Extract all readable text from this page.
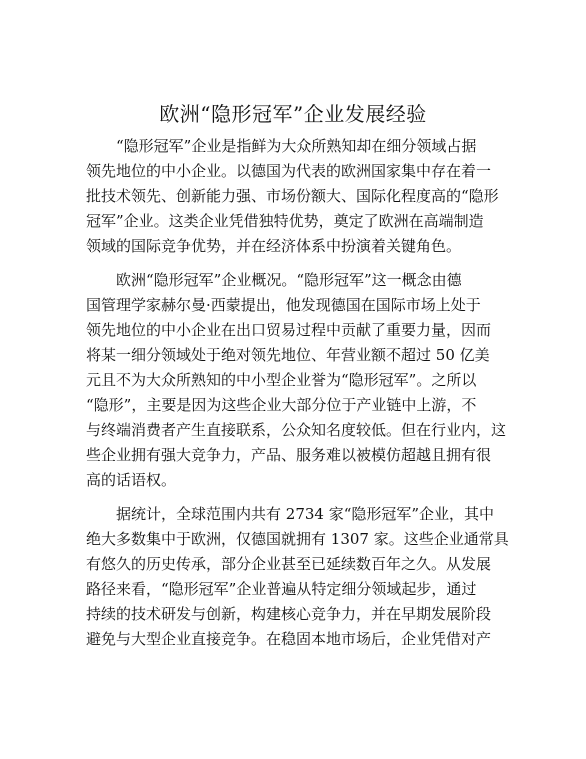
欧洲“隐形冠军”企业发展经验

　　“隐形冠军”企业是指鲜为大众所熟知却在细分领域占据
领先地位的中小企业。以德国为代表的欧洲国家集中存在着一
批技术领先、创新能力强、市场份额大、国际化程度高的“隐形
冠军”企业。这类企业凭借独特优势，奠定了欧洲在高端制造
领域的国际竞争优势，并在经济体系中扮演着关键角色。

　　欧洲“隐形冠军”企业概况。“隐形冠军”这一概念由德
国管理学家赫尔曼·西蒙提出，他发现德国在国际市场上处于
领先地位的中小企业在出口贸易过程中贡献了重要力量，因而
将某一细分领域处于绝对领先地位、年营业额不超过 50 亿美
元且不为大众所熟知的中小型企业誉为“隐形冠军”。之所以
“隐形”，主要是因为这些企业大部分位于产业链中上游，不
与终端消费者产生直接联系，公众知名度较低。但在行业内，这
些企业拥有强大竞争力，产品、服务难以被模仿超越且拥有很
高的话语权。

　　据统计，全球范围内共有 2734 家“隐形冠军”企业，其中
绝大多数集中于欧洲，仅德国就拥有 1307 家。这些企业通常具
有悠久的历史传承，部分企业甚至已延续数百年之久。从发展
路径来看，“隐形冠军”企业普遍从特定细分领域起步，通过
持续的技术研发与创新，构建核心竞争力，并在早期发展阶段
避免与大型企业直接竞争。在稳固本地市场后，企业凭借对产
